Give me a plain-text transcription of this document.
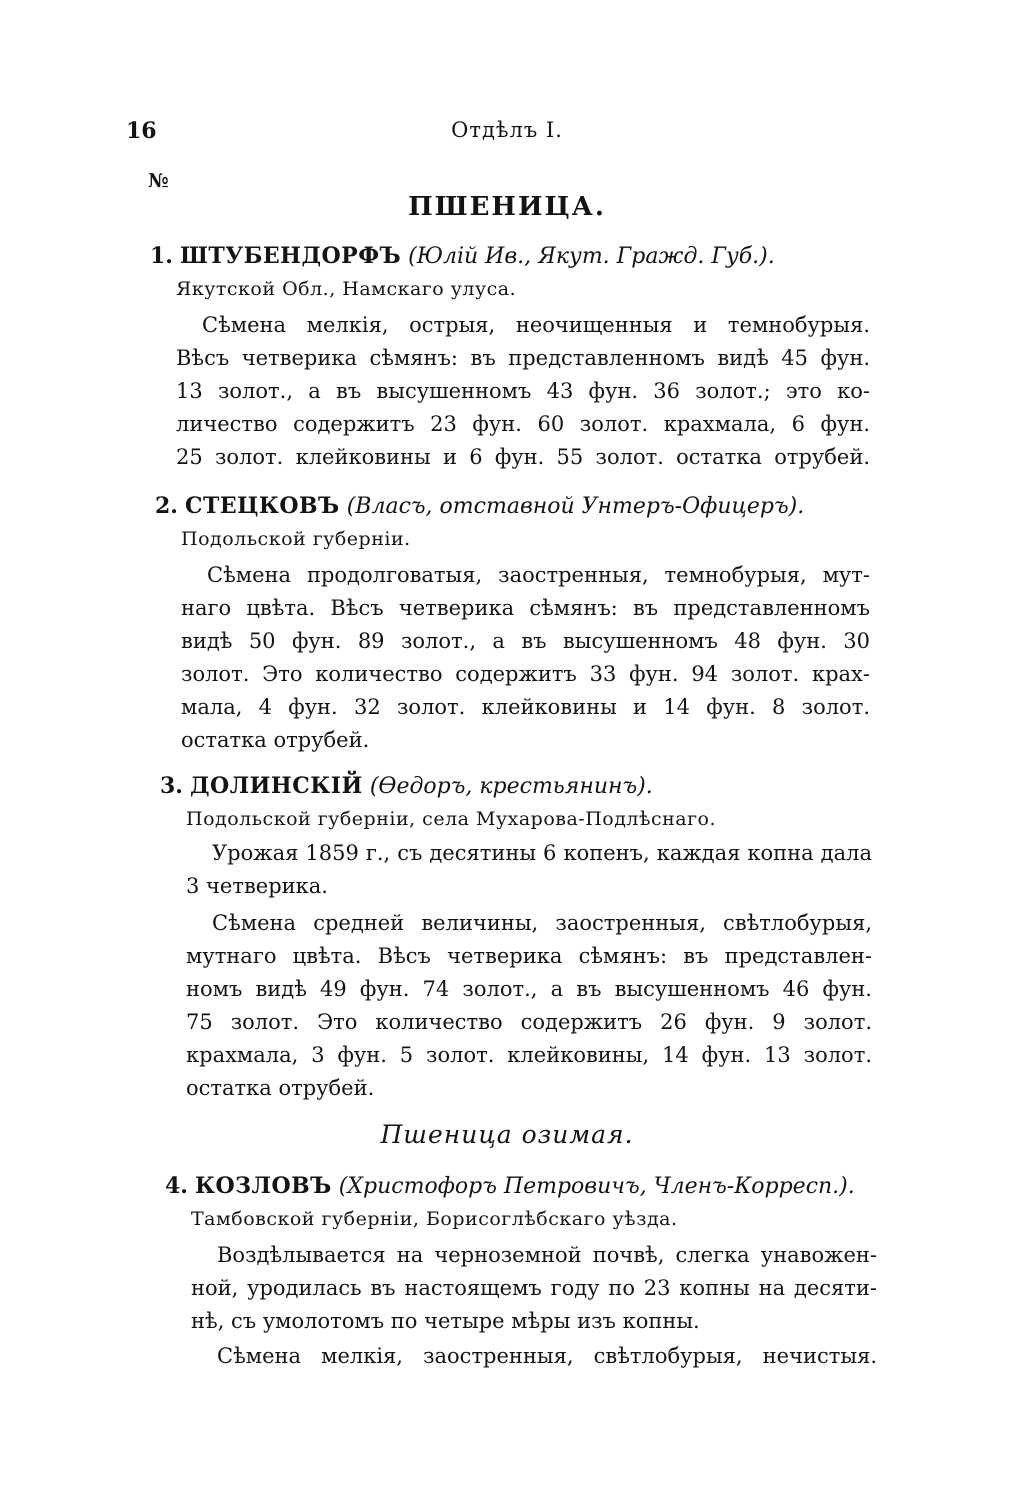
16	Отдѣлъ I.
№
ПШЕНИЦА.
1. ШТУБЕНДОРФЪ (Юлій Ив., Якут. Гражд. Губ.).
Якутской Обл., Намскаго улуса.
Сѣмена мелкія, острыя, неочищенныя и темнобурыя.
Вѣсъ четверика сѣмянъ: въ представленномъ видѣ 45 фун.
13 золот., а въ высушенномъ 43 фун. 36 золот.; это ко-
личество содержитъ 23 фун. 60 золот. крахмала, 6 фун.
25 золот. клейковины и 6 фун. 55 золот. остатка отрубей.
2. СТЕЦКОВЪ (Власъ, отставной Унтеръ-Офицеръ).
Подольской губерніи.
Сѣмена продолговатыя, заостренныя, темнобурыя, мут-
наго цвѣта. Вѣсъ четверика сѣмянъ: въ представленномъ
видѣ 50 фун. 89 золот., а въ высушенномъ 48 фун. 30
золот. Это количество содержитъ 33 фун. 94 золот. крах-
мала, 4 фун. 32 золот. клейковины и 14 фун. 8 золот.
остатка отрубей.
3. ДОЛИНСКІЙ (Өедоръ, крестьянинъ).
Подольской губерніи, села Мухарова-Подлѣснаго.
Урожая 1859 г., съ десятины 6 копенъ, каждая копна дала
3 четверика.
Сѣмена средней величины, заостренныя, свѣтлобурыя,
мутнаго цвѣта. Вѣсъ четверика сѣмянъ: въ представлен-
номъ видѣ 49 фун. 74 золот., а въ высушенномъ 46 фун.
75 золот. Это количество содержитъ 26 фун. 9 золот.
крахмала, 3 фун. 5 золот. клейковины, 14 фун. 13 золот.
остатка отрубей.
Пшеница озимая.
4. КОЗЛОВЪ (Христофоръ Петровичъ, Членъ-Корресп.).
Тамбовской губерніи, Борисоглѣбскаго уѣзда.
Воздѣлывается на черноземной почвѣ, слегка унавожен-
ной, уродилась въ настоящемъ году по 23 копны на десяти-
нѣ, съ умолотомъ по четыре мѣры изъ копны.
Сѣмена мелкія, заостренныя, свѣтлобурыя, нечистыя.
